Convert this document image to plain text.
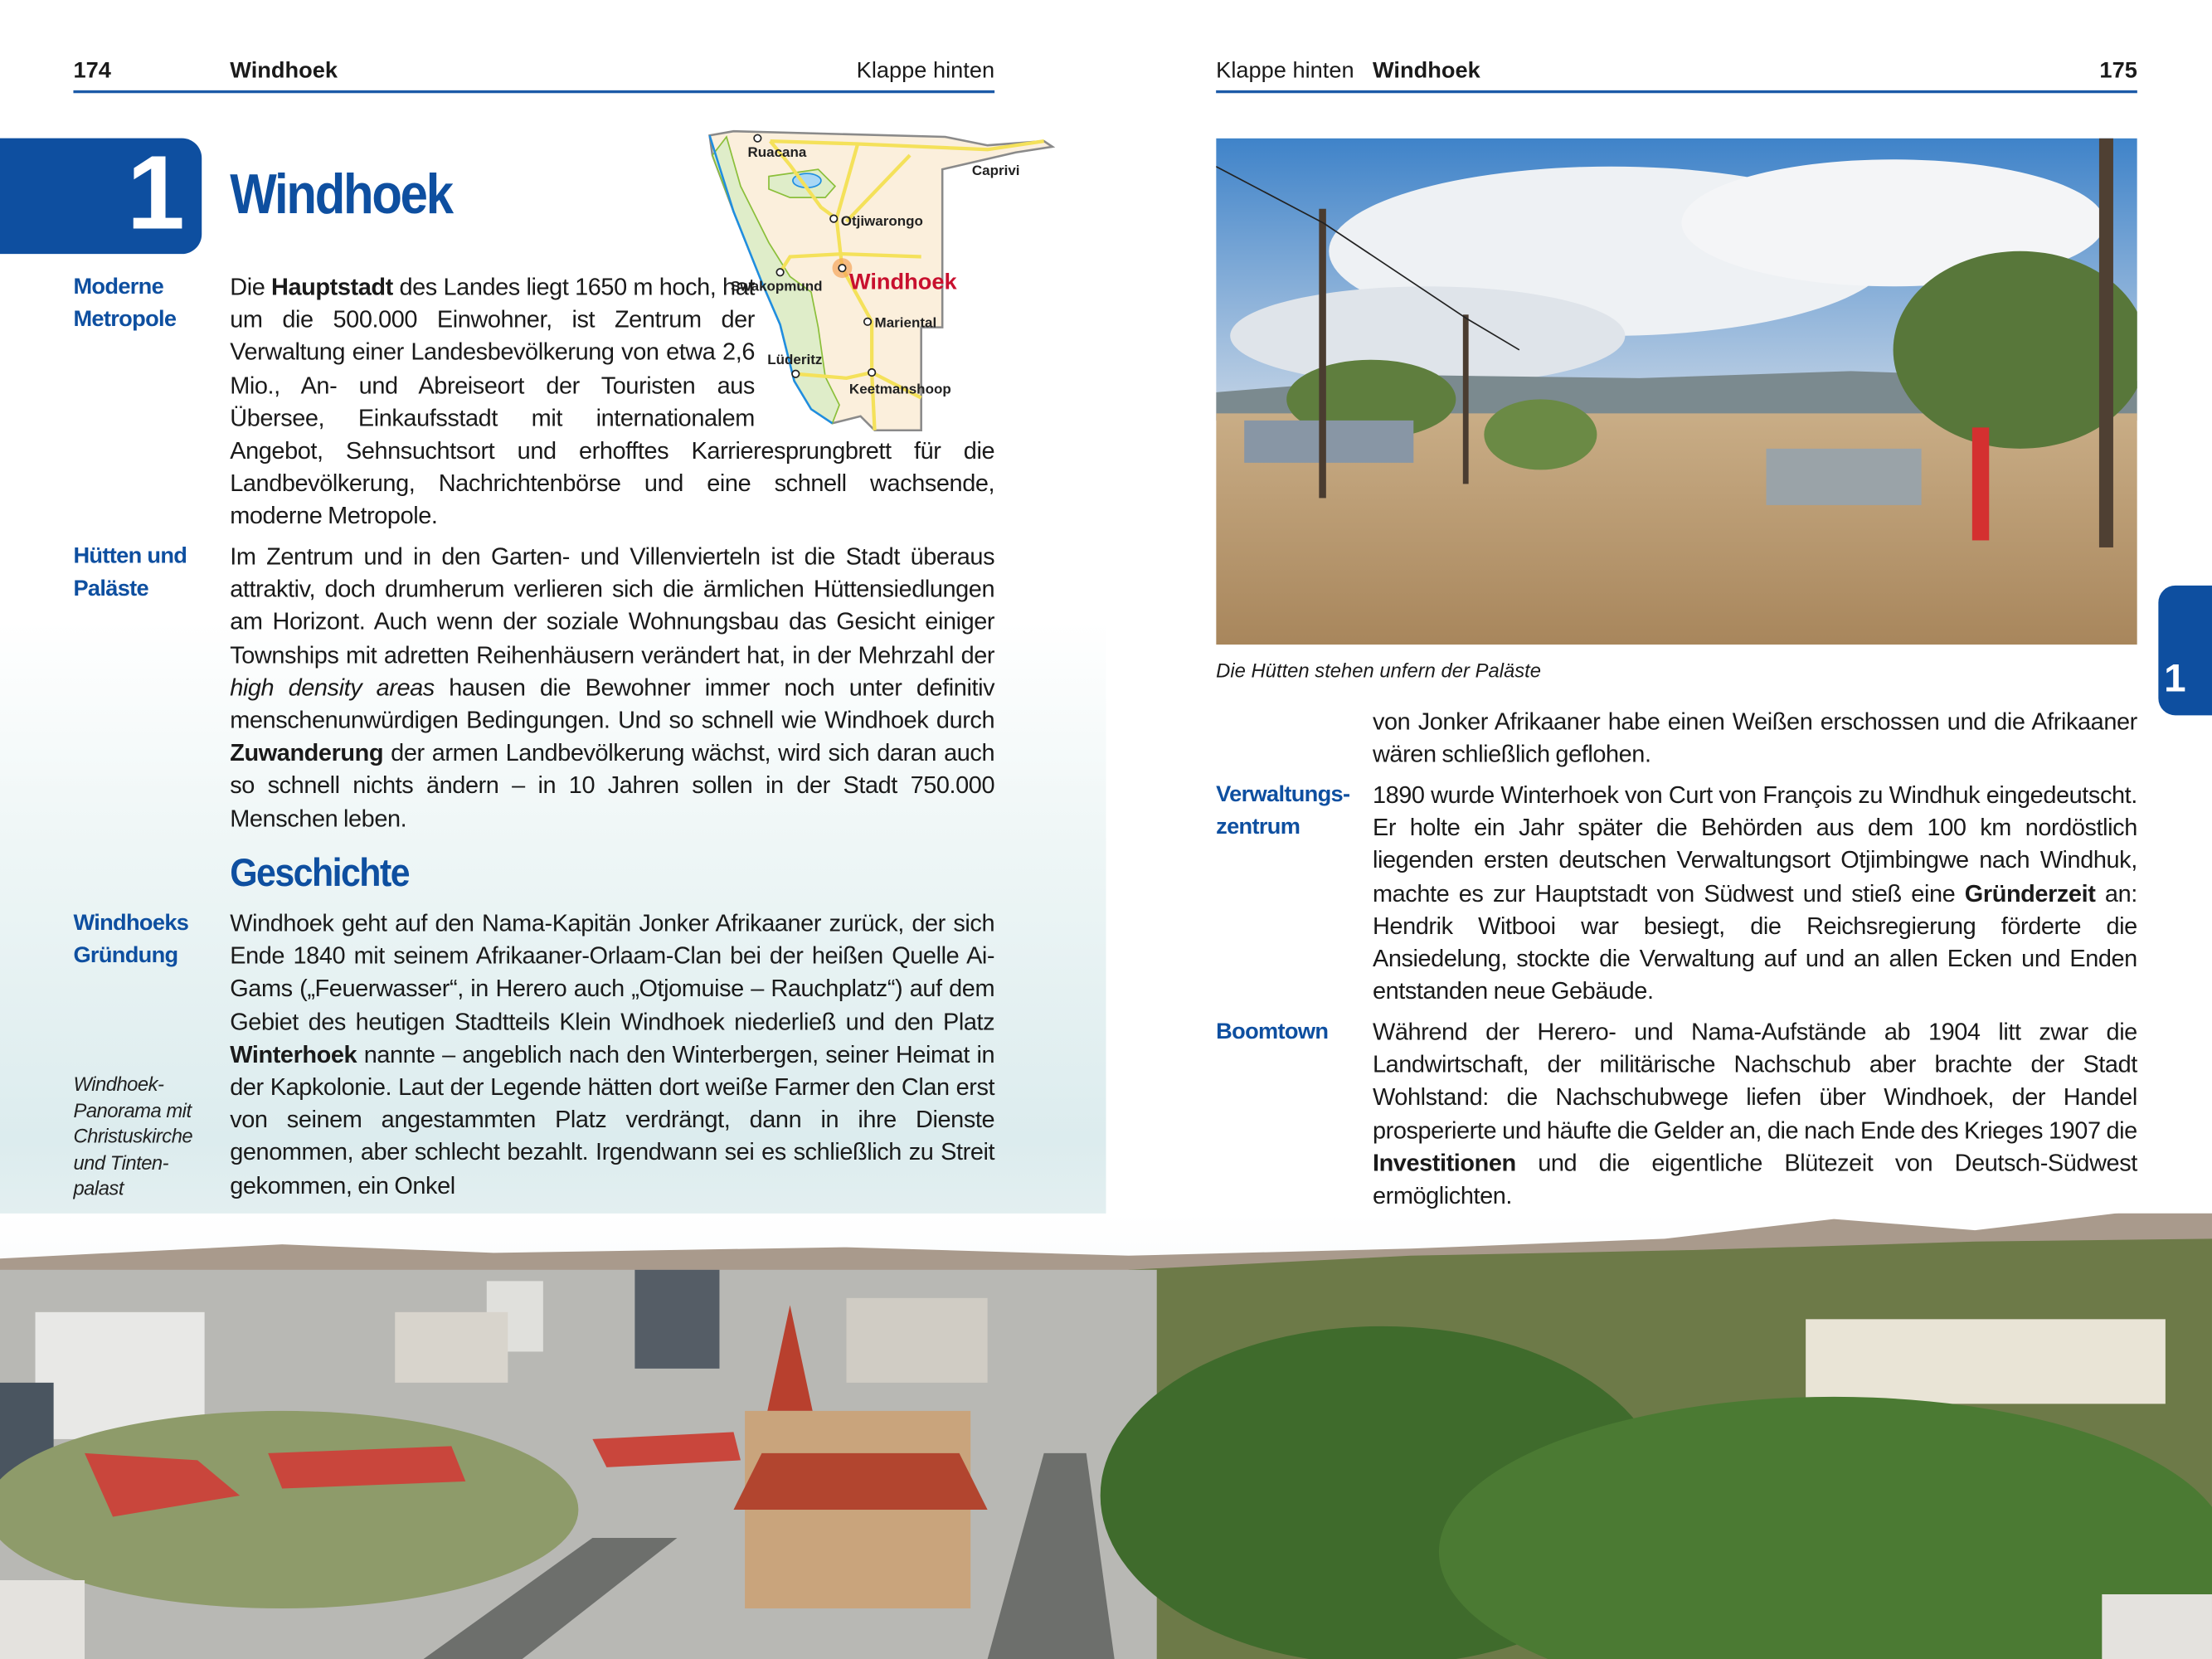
174	Windhoek	Klappe hinten	Klappe hinten Windhoek	175
1 Windhoek
Ruacana
Caprivi
Otjiwarongo
Swakopmund
Mariental
Lüderitz
Keetmanshoop
Windhoek
Moderne
Metropole
Hütten und
Paläste
Windhoeks
Gründung
Windhoek-
Panorama mit
Christuskirche
und Tinten-
palast
Die Hauptstadt des Landes liegt 1650 m hoch, hat um die 500.000 Einwohner, ist Zentrum der Verwaltung einer Landesbevölkerung von etwa 2,6 Mio., An- und Abreiseort der Touristen aus Übersee, Einkaufsstadt mit internationalem Angebot, Sehnsuchtsort und erhofftes Karrieresprungbrett für die Landbevölkerung, Nachrichtenbörse und eine schnell wachsende, moderne Metropole.
Im Zentrum und in den Garten- und Villenvierteln ist die Stadt überaus attraktiv, doch drumherum verlieren sich die ärmlichen Hüttensiedlungen am Horizont. Auch wenn der soziale Wohnungsbau das Gesicht einiger Townships mit adretten Reihenhäusern verändert hat, in der Mehrzahl der high density areas hausen die Bewohner immer noch unter definitiv menschenunwürdigen Bedingungen. Und so schnell wie Windhoek durch Zuwanderung der armen Landbevölkerung wächst, wird sich daran auch so schnell nichts ändern – in 10 Jahren sollen in der Stadt 750.000 Menschen leben.
Geschichte
Windhoek geht auf den Nama-Kapitän Jonker Afrikaaner zurück, der sich Ende 1840 mit seinem Afrikaaner-Orlaam-Clan bei der heißen Quelle Ai-Gams („Feuerwasser“, in Herero auch „Otjomuise – Rauchplatz“) auf dem Gebiet des heutigen Stadtteils Klein Windhoek niederließ und den Platz Winterhoek nannte – angeblich nach den Winterbergen, seiner Heimat in der Kapkolonie. Laut der Legende hätten dort weiße Farmer den Clan erst von seinem angestammten Platz verdrängt, dann in ihre Dienste genommen, aber schlecht bezahlt. Irgendwann sei es schließlich zu Streit gekommen, ein Onkel
Die Hütten stehen unfern der Paläste
Verwaltungs-
zentrum
Boomtown
von Jonker Afrikaaner habe einen Weißen erschossen und die Afrikaaner wären schließlich geflohen.
1890 wurde Winterhoek von Curt von François zu Windhuk eingedeutscht. Er holte ein Jahr später die Behörden aus dem 100 km nordöstlich liegenden ersten deutschen Verwaltungsort Otjimbingwe nach Windhuk, machte es zur Hauptstadt von Südwest und stieß eine Gründerzeit an: Hendrik Witbooi war besiegt, die Reichsregierung förderte die Ansiedelung, stockte die Verwaltung auf und an allen Ecken und Enden entstanden neue Gebäude.
Während der Herero- und Nama-Aufstände ab 1904 litt zwar die Landwirtschaft, der militärische Nachschub aber brachte der Stadt Wohlstand: die Nachschubwege liefen über Windhoek, der Handel prosperierte und häufte die Gelder an, die nach Ende des Krieges 1907 die Investitionen und die eigentliche Blütezeit von Deutsch-Südwest ermöglichten.
1
